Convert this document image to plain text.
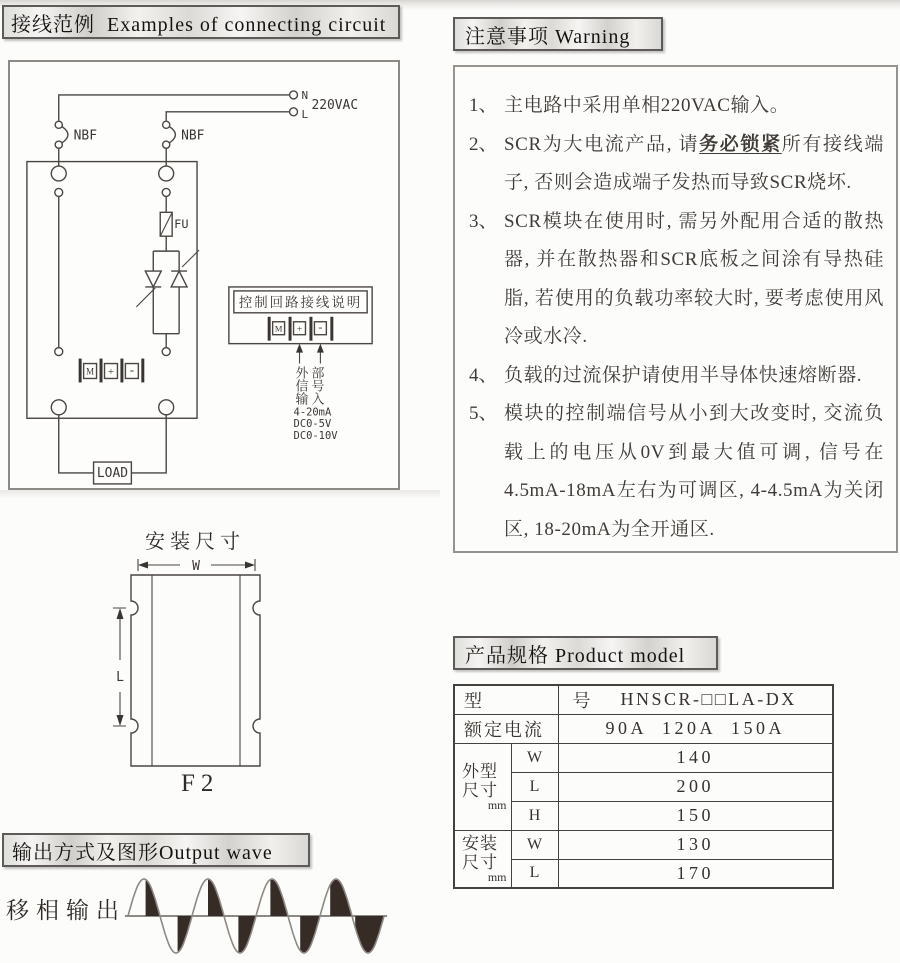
接线范例  Examples of connecting circuit
N
L
220VAC
NBF	NBF
FU
M + -
LOAD
控制回路接线说明
M + -
外部
信号
输入
4-20mA
DC0-5V
DC0-10V
注意事项 Warning
1、 主电路中采用单相220VAC输入。
2、 SCR为大电流产品, 请务必锁紧所有接线端子, 否则会造成端子发热而导致SCR烧坏.
3、 SCR模块在使用时, 需另外配用合适的散热器, 并在散热器和SCR底板之间涂有导热硅脂, 若使用的负载功率较大时, 要考虑使用风冷或水冷.
4、 负载的过流保护请使用半导体快速熔断器.
5、 模块的控制端信号从小到大改变时, 交流负载上的电压从0V到最大值可调, 信号在4.5mA-18mA左右为可调区, 4-4.5mA为关闭区, 18-20mA为全开通区.
安装尺寸
W
L
F2
产品规格 Product model
型		号 HNSCR-□□LA-DX

额定电流		90A  120A  150A

外型尺寸
mm	W	140
	L	200
	H	150

安装尺寸
mm	W	130
	L	170
输出方式及图形Output wave
移相输出
